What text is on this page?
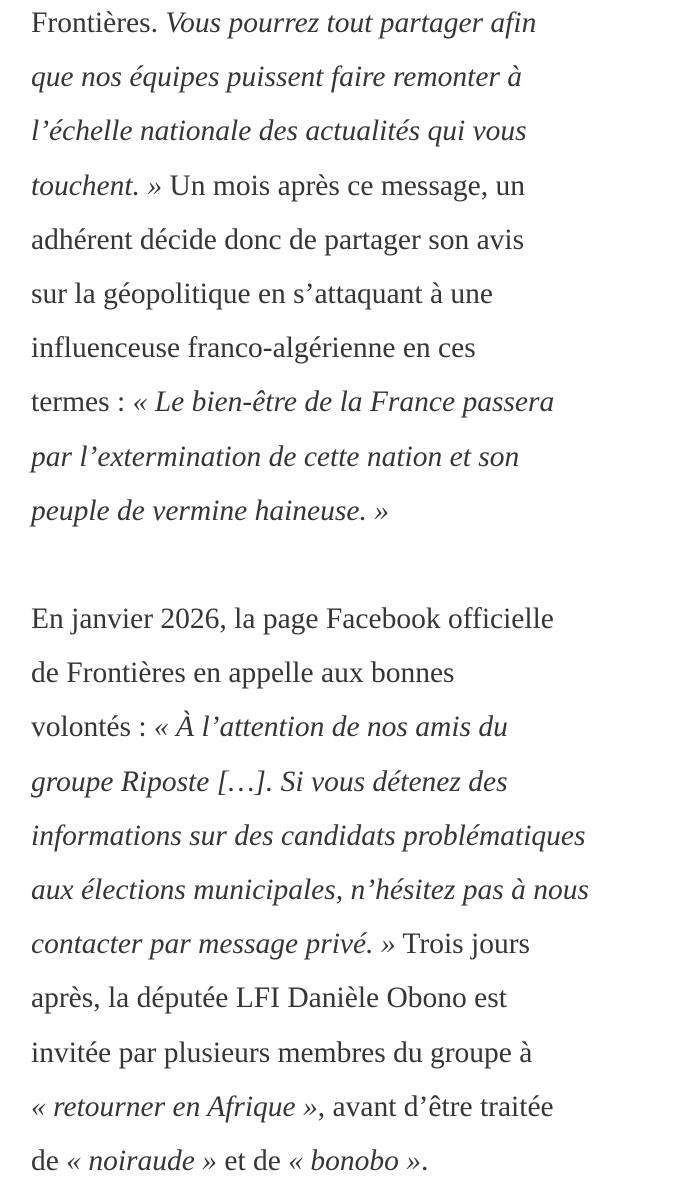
Frontières. Vous pourrez tout partager afin
que nos équipes puissent faire remonter à
l’échelle nationale des actualités qui vous
touchent. » Un mois après ce message, un
adhérent décide donc de partager son avis
sur la géopolitique en s’attaquant à une
influenceuse franco-algérienne en ces
termes : « Le bien-être de la France passera
par l’extermination de cette nation et son
peuple de vermine haineuse. »
En janvier 2026, la page Facebook officielle
de Frontières en appelle aux bonnes
volontés : « À l’attention de nos amis du
groupe Riposte […]. Si vous détenez des
informations sur des candidats problématiques
aux élections municipales, n’hésitez pas à nous
contacter par message privé. » Trois jours
après, la députée LFI Danièle Obono est
invitée par plusieurs membres du groupe à
« retourner en Afrique », avant d’être traitée
de « noiraude » et de « bonobo ».
